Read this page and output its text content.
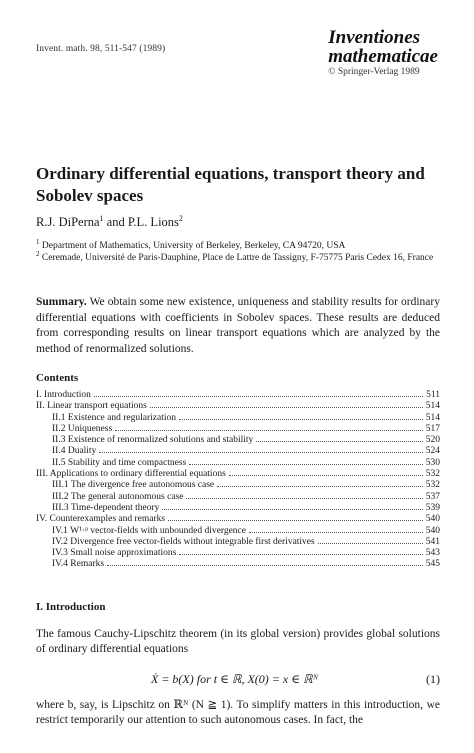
Invent. math. 98, 511-547 (1989)
Inventiones
mathematicae
© Springer-Verlag 1989
Ordinary differential equations, transport theory and Sobolev spaces
R.J. DiPerna$^1$ and P.L. Lions$^2$
$^1$ Department of Mathematics, University of Berkeley, Berkeley, CA 94720, USA
$^2$ Ceremade, Université de Paris-Dauphine, Place de Lattre de Tassigny, F-75775 Paris Cedex 16, France
Summary. We obtain some new existence, uniqueness and stability results for ordinary differential equations with coefficients in Sobolev spaces. These results are deduced from corresponding results on linear transport equations which are analyzed by the method of renormalized solutions.
Contents
I. Introduction	511
II. Linear transport equations	514
II.1 Existence and regularization	514
II.2 Uniqueness	517
II.3 Existence of renormalized solutions and stability	520
II.4 Duality	524
II.5 Stability and time compactness	530
III. Applications to ordinary differential equations	532
III.1 The divergence free autonomous case	532
III.2 The general autonomous case	537
III.3 Time-dependent theory	539
IV. Counterexamples and remarks	540
IV.1 W¹·ᵖ vector-fields with unbounded divergence	540
IV.2 Divergence free vector-fields without integrable first derivatives	541
IV.3 Small noise approximations	543
IV.4 Remarks	545
I. Introduction
The famous Cauchy-Lipschitz theorem (in its global version) provides global solutions of ordinary differential equations
Ẋ = b(X) for t ∈ ℝ, X(0) = x ∈ ℝᴺ	(1)
where b, say, is Lipschitz on ℝᴺ (N ≧ 1). To simplify matters in this introduction, we restrict temporarily our attention to such autonomous cases. In fact, the
